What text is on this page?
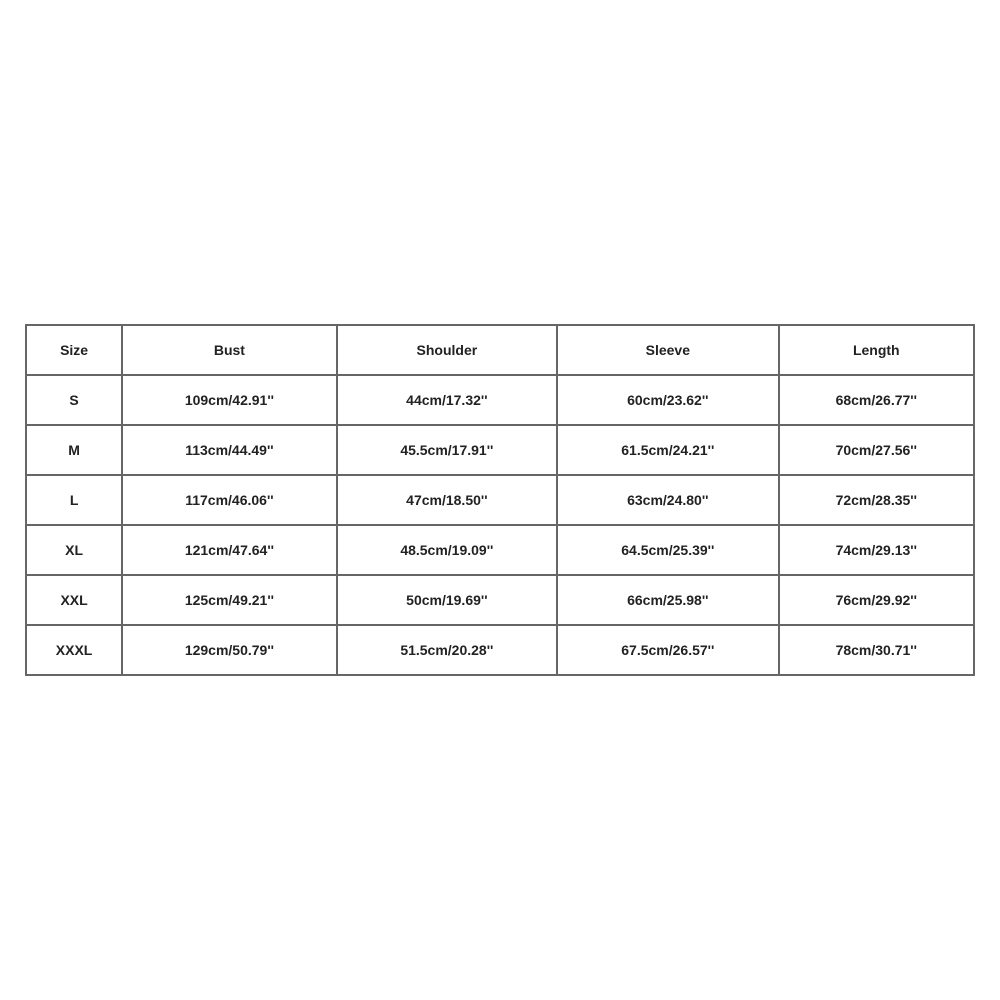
Size	Bust	Shoulder	Sleeve	Length
S	109cm/42.91''	44cm/17.32''	60cm/23.62''	68cm/26.77''
M	113cm/44.49''	45.5cm/17.91''	61.5cm/24.21''	70cm/27.56''
L	117cm/46.06''	47cm/18.50''	63cm/24.80''	72cm/28.35''
XL	121cm/47.64''	48.5cm/19.09''	64.5cm/25.39''	74cm/29.13''
XXL	125cm/49.21''	50cm/19.69''	66cm/25.98''	76cm/29.92''
XXXL	129cm/50.79''	51.5cm/20.28''	67.5cm/26.57''	78cm/30.71''
